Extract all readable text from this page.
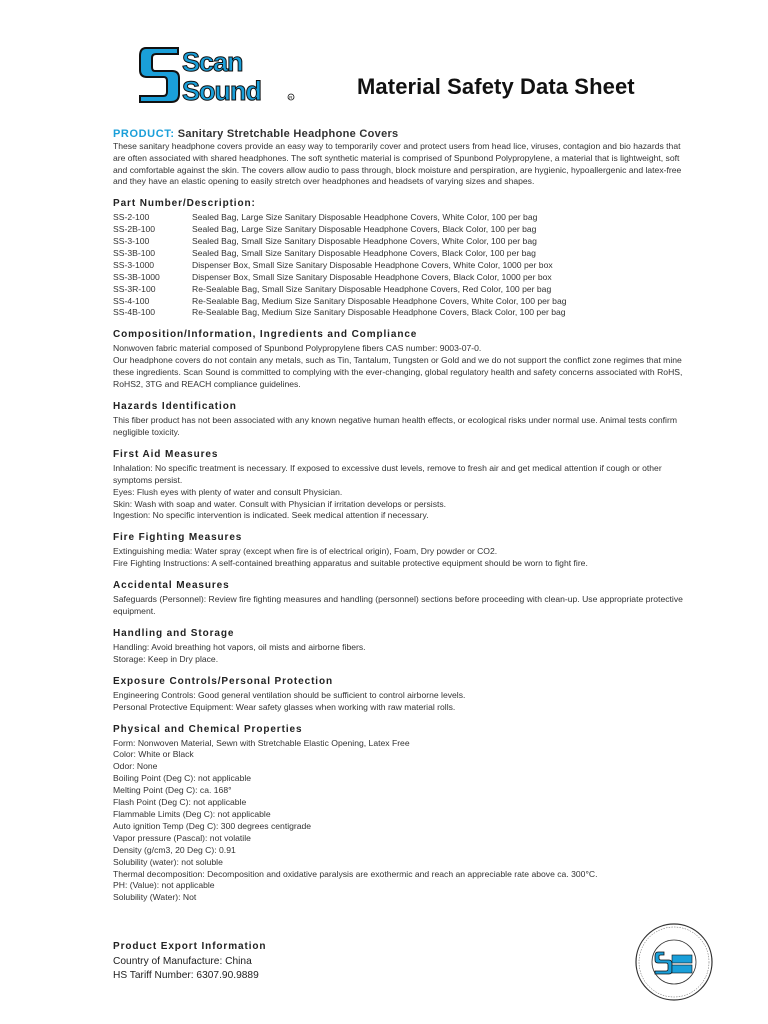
Scan
Sound	R	Material Safety Data Sheet

PRODUCT: Sanitary Stretchable Headphone Covers

These sanitary headphone covers provide an easy way to temporarily cover and protect users from head lice, viruses, contagion and bio hazards that are often associated with shared headphones. The soft synthetic material is comprised of Spunbond Polypropylene, a material that is lightweight, soft and comfortable against the skin. The covers allow audio to pass through, block moisture and perspiration, are hygienic, hypoallergenic and latex-free and they have an elastic opening to easily stretch over headphones and headsets of varying sizes and shapes.

Part Number/Description:
SS-2-100	Sealed Bag, Large Size Sanitary Disposable Headphone Covers, White Color, 100 per bag
SS-2B-100	Sealed Bag, Large Size Sanitary Disposable Headphone Covers, Black Color, 100 per bag
SS-3-100	Sealed Bag, Small Size Sanitary Disposable Headphone Covers, White Color, 100 per bag
SS-3B-100	Sealed Bag, Small Size Sanitary Disposable Headphone Covers, Black Color, 100 per bag
SS-3-1000	Dispenser Box, Small Size Sanitary Disposable Headphone Covers, White Color, 1000 per box
SS-3B-1000	Dispenser Box, Small Size Sanitary Disposable Headphone Covers, Black Color, 1000 per box
SS-3R-100	Re-Sealable Bag, Small Size Sanitary Disposable Headphone Covers, Red Color, 100 per bag
SS-4-100	Re-Sealable Bag, Medium Size Sanitary Disposable Headphone Covers, White Color, 100 per bag
SS-4B-100	Re-Sealable Bag, Medium Size Sanitary Disposable Headphone Covers, Black Color, 100 per bag
Composition/Information, Ingredients and Compliance
Nonwoven fabric material composed of Spunbond Polypropylene fibers CAS number: 9003-07-0.
Our headphone covers do not contain any metals, such as Tin, Tantalum, Tungsten or Gold and we do not support the conflict zone regimes that mine these ingredients. Scan Sound is committed to complying with the ever-changing, global regulatory health and safety concerns associated with RoHS, RoHS2, 3TG and REACH compliance guidelines.
Hazards Identification
This fiber product has not been associated with any known negative human health effects, or ecological risks under normal use. Animal tests confirm negligible toxicity.
First Aid Measures
Inhalation: No specific treatment is necessary. If exposed to excessive dust levels, remove to fresh air and get medical attention if cough or other symptoms persist.
Eyes: Flush eyes with plenty of water and consult Physician.
Skin: Wash with soap and water. Consult with Physician if irritation develops or persists.
Ingestion: No specific intervention is indicated. Seek medical attention if necessary.
Fire Fighting Measures
Extinguishing media: Water spray (except when fire is of electrical origin), Foam, Dry powder or CO2.
Fire Fighting Instructions: A self-contained breathing apparatus and suitable protective equipment should be worn to fight fire.
Accidental Measures
Safeguards (Personnel): Review fire fighting measures and handling (personnel) sections before proceeding with clean-up. Use appropriate protective equipment.
Handling and Storage
Handling: Avoid breathing hot vapors, oil mists and airborne fibers.
Storage: Keep in Dry place.
Exposure Controls/Personal Protection
Engineering Controls: Good general ventilation should be sufficient to control airborne levels.
Personal Protective Equipment: Wear safety glasses when working with raw material rolls.
Physical and Chemical Properties
Form: Nonwoven Material, Sewn with Stretchable Elastic Opening, Latex Free
Color: White or Black
Odor: None
Boiling Point (Deg C): not applicable
Melting Point (Deg C): ca. 168°
Flash Point (Deg C): not applicable
Flammable Limits (Deg C): not applicable
Auto ignition Temp (Deg C): 300 degrees centigrade
Vapor pressure (Pascal): not volatile
Density (g/cm3, 20 Deg C): 0.91
Solubility (water): not soluble
Thermal decomposition: Decomposition and oxidative paralysis are exothermic and reach an appreciable rate above ca. 300°C.
PH: (Value): not applicable
Solubility (Water): Not
Product Export Information
Country of Manufacture: China
HS Tariff Number: 6307.90.9889
